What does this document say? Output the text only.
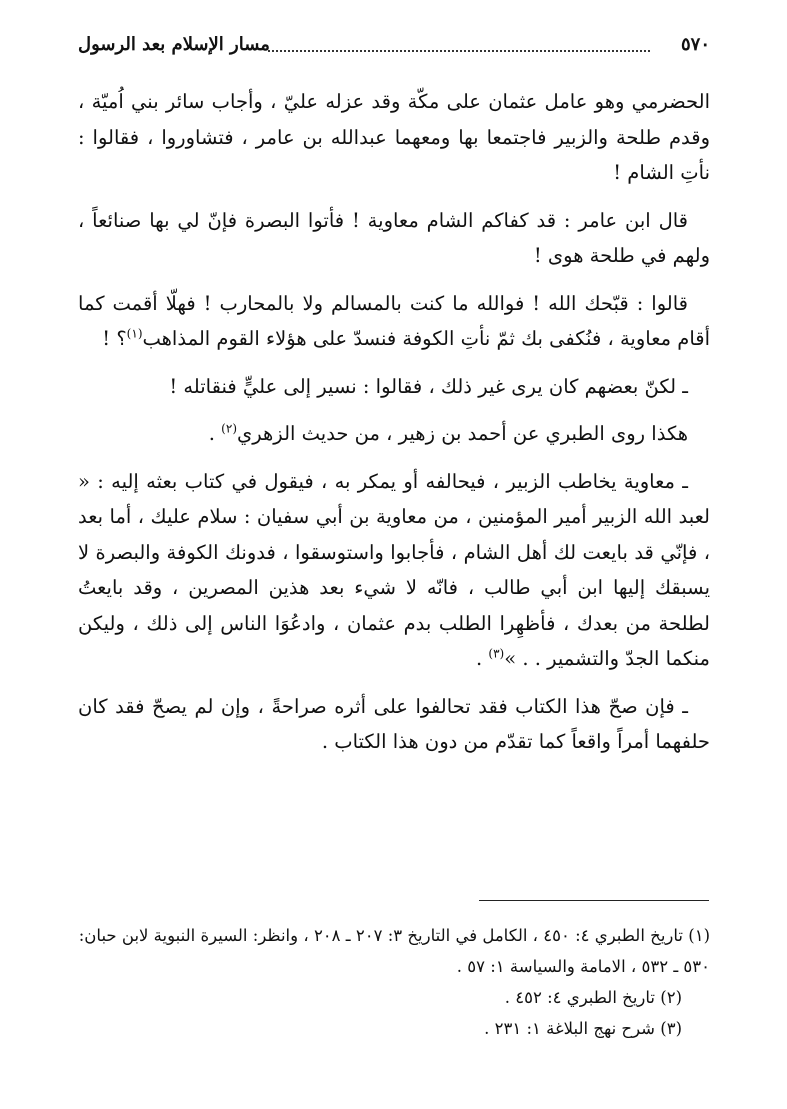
٥٧٠
مسار الإسلام بعد الرسول

الحضرمي وهو عامل عثمان على مكّة وقد عزله عليّ ، وأجاب سائر بني اُميّة ، وقدم طلحة والزبير فاجتمعا بها ومعهما عبدالله بن عامر ، فتشاوروا ، فقالوا : نأتِ الشام !

قال ابن عامر : قد كفاكم الشام معاوية ! فأتوا البصرة فإنّ لي بها صنائعاً ، ولهم في طلحة هوى !

قالوا : قبّحك الله ! فوالله ما كنت بالمسالم ولا بالمحارب ! فهلّا أقمت كما أقام معاوية ، فنُكفى بك ثمّ نأتِ الكوفة فنسدّ على هؤلاء القوم المذاهب$^{(١)}$؟ !

ـ لكنّ بعضهم كان يرى غير ذلك ، فقالوا : نسير إلى عليٍّ فنقاتله !

هكذا روى الطبري عن أحمد بن زهير ، من حديث الزهري$^{(٢)}$ .

ـ معاوية يخاطب الزبير ، فيحالفه أو يمكر به ، فيقول في كتاب بعثه إليه : « لعبد الله الزبير أمير المؤمنين ، من معاوية بن أبي سفيان : سلام عليك ، أما بعد ، فإنّي قد بايعت لك أهل الشام ، فأجابوا واستوسقوا ، فدونك الكوفة والبصرة لا يسبقك إليها ابن أبي طالب ، فانّه لا شيء بعد هذين المصرين ، وقد بايعتُ لطلحة من بعدك ، فأظهِرا الطلب بدم عثمان ، وادعُوَا الناس إلى ذلك ، وليكن منكما الجدّ والتشمير . . »$^{(٣)}$ .

ـ فإن صحّ هذا الكتاب فقد تحالفوا على أثره صراحةً ، وإن لم يصحّ فقد كان حلفهما أمراً واقعاً كما تقدّم من دون هذا الكتاب .

(١) تاريخ الطبري ٤: ٤٥٠ ، الكامل في التاريخ ٣: ٢٠٧ ـ ٢٠٨ ، وانظر: السيرة النبوية لابن حبان: ٥٣٠ ـ ٥٣٢ ، الامامة والسياسة ١: ٥٧ .

(٢) تاريخ الطبري ٤: ٤٥٢ .

(٣) شرح نهج البلاغة ١: ٢٣١ .
